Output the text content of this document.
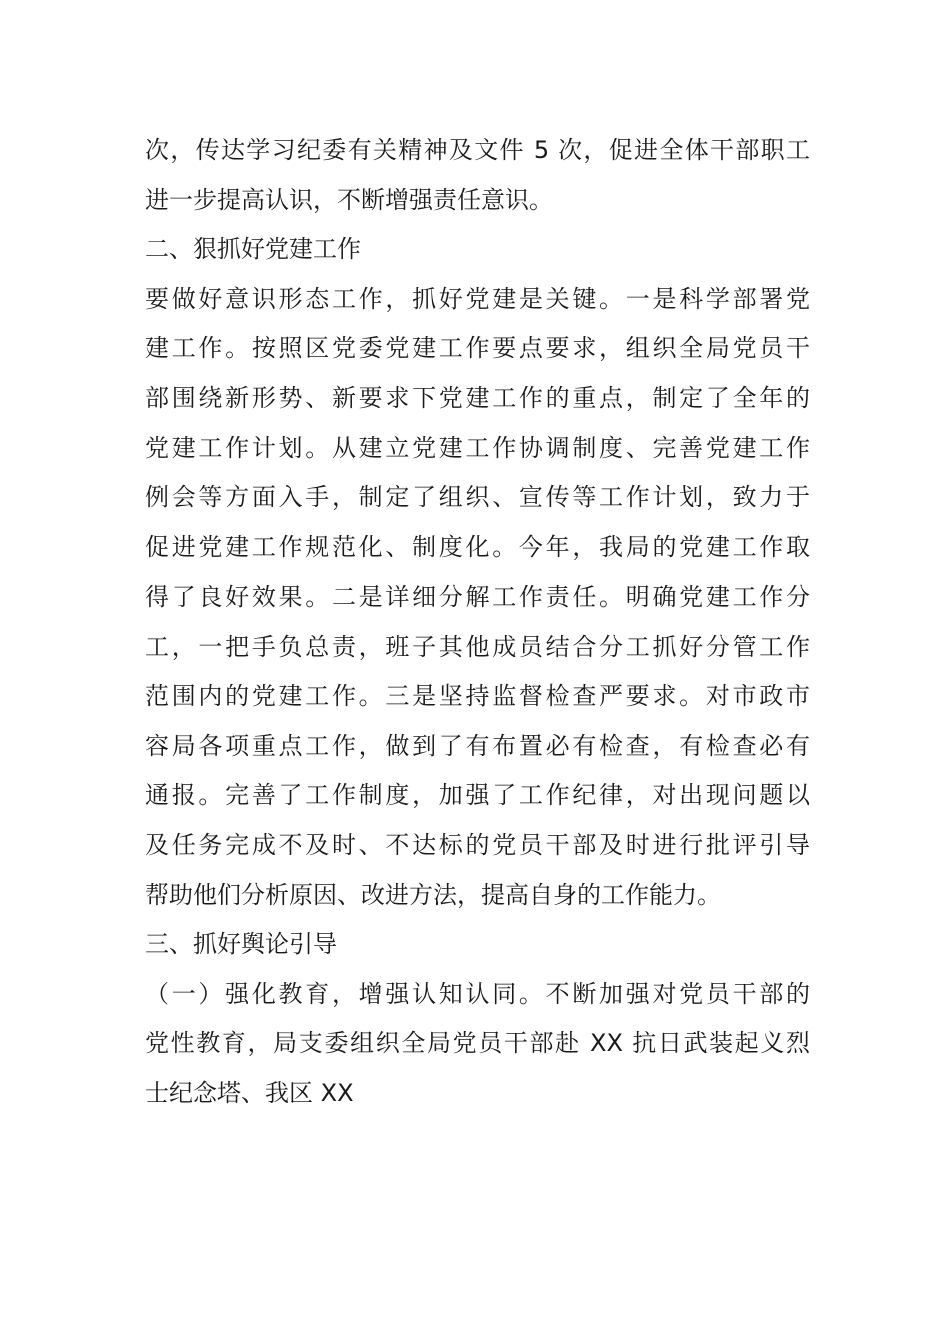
次，传达学习纪委有关精神及文件 5 次，促进全体干部职工
进一步提高认识，不断增强责任意识。
二、狠抓好党建工作
要做好意识形态工作，抓好党建是关键。一是科学部署党
建工作。按照区党委党建工作要点要求，组织全局党员干
部围绕新形势、新要求下党建工作的重点，制定了全年的
党建工作计划。从建立党建工作协调制度、完善党建工作
例会等方面入手，制定了组织、宣传等工作计划，致力于
促进党建工作规范化、制度化。今年，我局的党建工作取
得了良好效果。二是详细分解工作责任。明确党建工作分
工，一把手负总责，班子其他成员结合分工抓好分管工作
范围内的党建工作。三是坚持监督检查严要求。对市政市
容局各项重点工作，做到了有布置必有检查，有检查必有
通报。完善了工作制度，加强了工作纪律，对出现问题以
及任务完成不及时、不达标的党员干部及时进行批评引导
帮助他们分析原因、改进方法，提高自身的工作能力。
三、抓好舆论引导
（一）强化教育，增强认知认同。不断加强对党员干部的
党性教育，局支委组织全局党员干部赴 XX 抗日武装起义烈
士纪念塔、我区 XX
